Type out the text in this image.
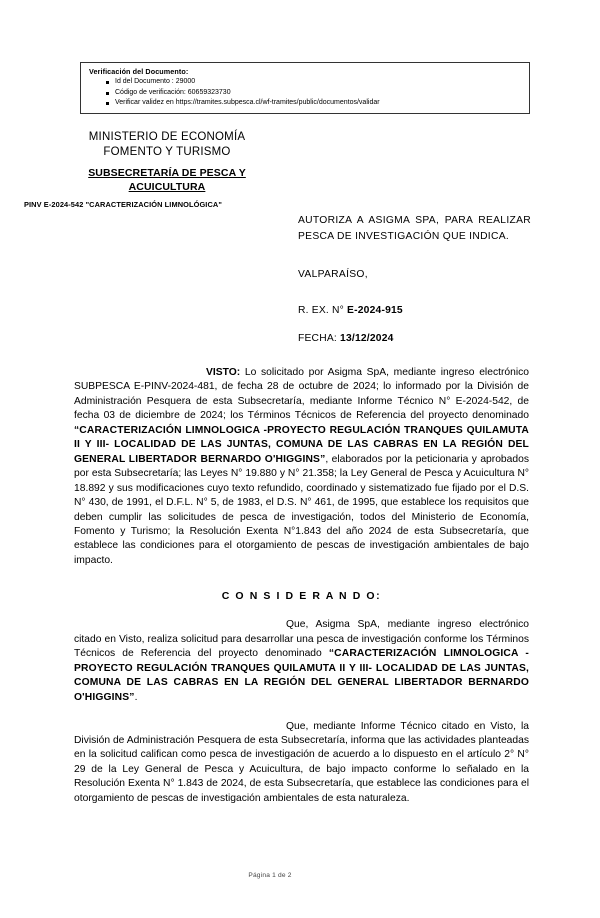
Verificación del Documento:
Id del Documento : 29000
Código de verificación: 60659323730
Verificar validez en https://tramites.subpesca.cl/wf-tramites/public/documentos/validar
MINISTERIO DE ECONOMÍA
FOMENTO Y TURISMO
SUBSECRETARÍA DE PESCA Y
ACUICULTURA
PINV E-2024-542 "CARACTERIZACIÓN LIMNOLÓGICA"
AUTORIZA A ASIGMA SPA, PARA REALIZAR PESCA DE INVESTIGACIÓN QUE INDICA.
VALPARAÍSO,
R. EX. N° E-2024-915
FECHA: 13/12/2024

VISTO: Lo solicitado por Asigma SpA, mediante ingreso electrónico SUBPESCA E-PINV-2024-481, de fecha 28 de octubre de 2024; lo informado por la División de Administración Pesquera de esta Subsecretaría, mediante Informe Técnico N° E-2024-542, de fecha 03 de diciembre de 2024; los Términos Técnicos de Referencia del proyecto denominado “CARACTERIZACIÓN LIMNOLOGICA -PROYECTO REGULACIÓN TRANQUES QUILAMUTA II Y III- LOCALIDAD DE LAS JUNTAS, COMUNA DE LAS CABRAS EN LA REGIÓN DEL GENERAL LIBERTADOR BERNARDO O'HIGGINS”, elaborados por la peticionaria y aprobados por esta Subsecretaría; las Leyes N° 19.880 y N° 21.358; la Ley General de Pesca y Acuicultura N° 18.892 y sus modificaciones cuyo texto refundido, coordinado y sistematizado fue fijado por el D.S. N° 430, de 1991, el D.F.L. N° 5, de 1983, el D.S. N° 461, de 1995, que establece los requisitos que deben cumplir las solicitudes de pesca de investigación, todos del Ministerio de Economía, Fomento y Turismo; la Resolución Exenta N°1.843 del año 2024 de esta Subsecretaría, que establece las condiciones para el otorgamiento de pescas de investigación ambientales de bajo impacto.

C O N S I D E R A N D O:

Que, Asigma SpA, mediante ingreso electrónico citado en Visto, realiza solicitud para desarrollar una pesca de investigación conforme los Términos Técnicos de Referencia del proyecto denominado “CARACTERIZACIÓN LIMNOLOGICA -PROYECTO REGULACIÓN TRANQUES QUILAMUTA II Y III- LOCALIDAD DE LAS JUNTAS, COMUNA DE LAS CABRAS EN LA REGIÓN DEL GENERAL LIBERTADOR BERNARDO O'HIGGINS”.

Que, mediante Informe Técnico citado en Visto, la División de Administración Pesquera de esta Subsecretaría, informa que las actividades planteadas en la solicitud califican como pesca de investigación de acuerdo a lo dispuesto en el artículo 2° N° 29 de la Ley General de Pesca y Acuicultura, de bajo impacto conforme lo señalado en la Resolución Exenta N° 1.843 de 2024, de esta Subsecretaría, que establece las condiciones para el otorgamiento de pescas de investigación ambientales de esta naturaleza.

Página 1 de 2
